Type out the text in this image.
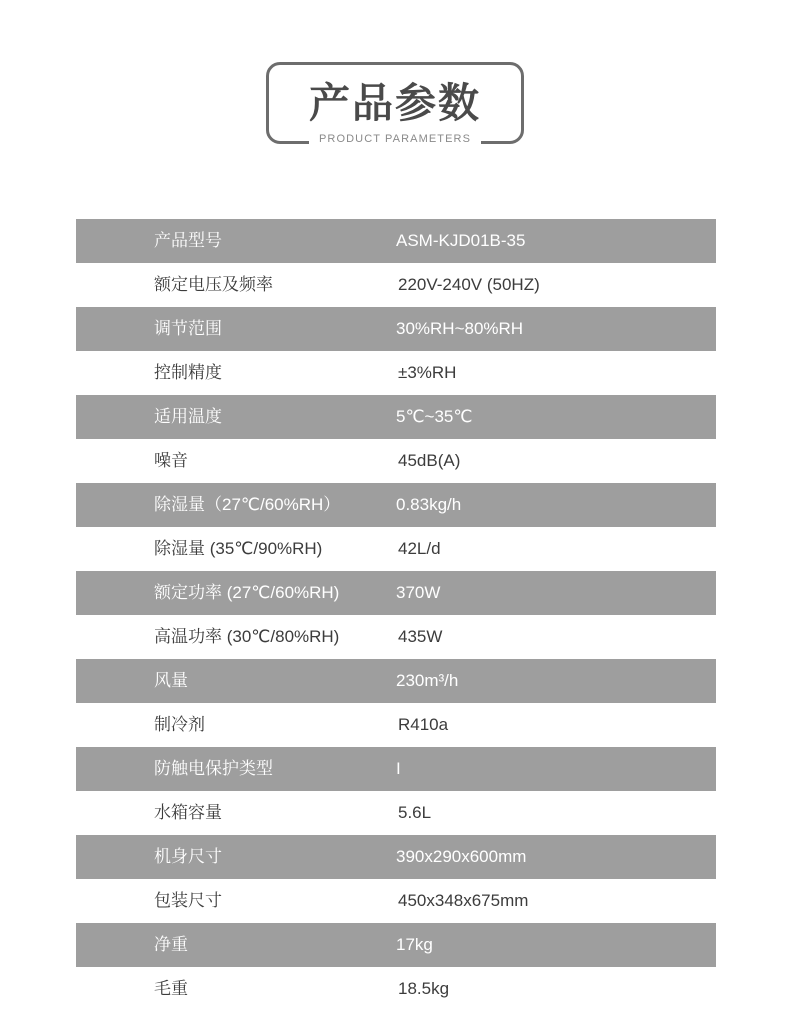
产品参数
PRODUCT PARAMETERS
产品型号	ASM-KJD01B-35
额定电压及频率	220V-240V (50HZ)
调节范围	30%RH~80%RH
控制精度	±3%RH
适用温度	5℃~35℃
噪音	45dB(A)
除湿量（27℃/60%RH）	0.83kg/h
除湿量 (35℃/90%RH)	42L/d
额定功率 (27℃/60%RH)	370W
高温功率 (30℃/80%RH)	435W
风量	230m³/h
制冷剂	R410a
防触电保护类型	I
水箱容量	5.6L
机身尺寸	390x290x600mm
包装尺寸	450x348x675mm
净重	17kg
毛重	18.5kg
